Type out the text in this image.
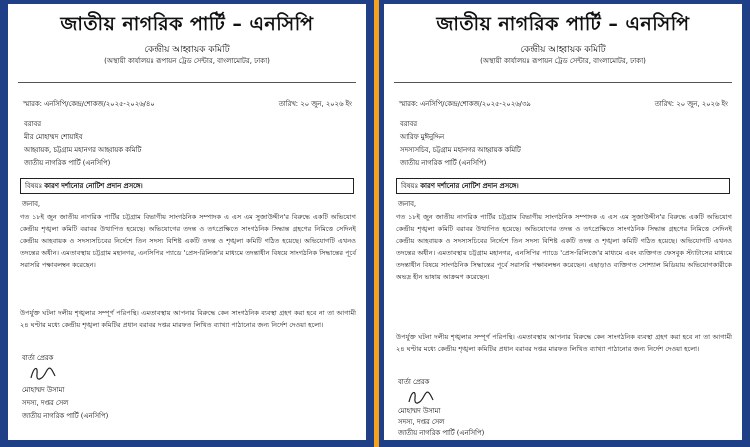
জাতীয় নাগরিক পার্টি – এনসিপি
কেন্দ্রীয় আহ্বায়ক কমিটি
(অস্থায়ী কার্যালয়ঃ রূপায়ন ট্রেড সেন্টার, বাংলামোটর, ঢাকা)
স্মারক: এনসিপি/কেন্দ্র/শোকজ/২০২৫-২০২৬/৪০	তারিখ: ২০ জুন, ২০২৬ ইং
বরাবর
মীর মোহাম্মদ শোয়াইব
আহ্বায়ক, চট্টগ্রাম মহানগর আহ্বায়ক কমিটি
জাতীয় নাগরিক পার্টি (এনসিপি)
বিষয়ঃ কারণ দর্শানোর নোটিশ প্রদান প্রসঙ্গে।
জনাব,
গত ১৮ই জুন জাতীয় নাগরিক পার্টির চট্টগ্রাম বিভাগীয় সাংগঠনিক সম্পাদক এ এস এম সুজাউদ্দীন'র বিরুদ্ধে একটি অভিযোগ কেন্দ্রীয় শৃঙ্খলা কমিটি বরাবর উত্থাপিত হয়েছে। অভিযোগের তদন্ত ও তৎপ্রেক্ষিতে সাংগঠনিক সিদ্ধান্ত গ্রহণের নিমিত্তে সেদিনই কেন্দ্রীয় আহবায়ক ও সদস্যসচিবের নির্দেশে তিন সদস্য বিশিষ্ট একটি তদন্ত ও শৃঙ্খলা কমিটি গঠিত হয়েছে। অভিযোগটি এখনও তদন্তের অধীন। এমতাবস্থায় চট্টগ্রাম মহানগর, এনসিপির প্যাডে 'প্রেস-রিলিজ'র মাধ্যমে তদন্তাধীন বিষয়ে সাংগঠনিক সিদ্ধান্তের পূর্বে সরাসরি পক্ষাবলম্বন করেছেন।
উপর্যুক্ত ঘটনা দলীয় শৃঙ্খলার সম্পূর্ণ পরিপন্থি। এমতাবস্থায় আপনার বিরুদ্ধে কেন সাংগঠনিক ব্যবস্থা গ্রহণ করা হবে না তা আগামী ২৪ ঘণ্টার মধ্যে কেন্দ্রীয় শৃঙ্খলা কমিটির প্রধান বরাবর দপ্তর মারফত লিখিত ব্যাখ্যা পাঠানোর জন্য নির্দেশ দেওয়া হলো।
বার্তা প্রেরক
মোহাম্মদ উসামা
সদস্য, দপ্তর সেল
জাতীয় নাগরিক পার্টি (এনসিপি)
জাতীয় নাগরিক পার্টি – এনসিপি
কেন্দ্রীয় আহ্বায়ক কমিটি
(অস্থায়ী কার্যালয়ঃ রূপায়ন ট্রেড সেন্টার, বাংলামোটর, ঢাকা)
স্মারক: এনসিপি/কেন্দ্র/শোকজ/২০২৫-২০২৬/৩৯	তারিখ: ২০ জুন, ২০২৬ ইং
বরাবর
আরিফ মুঈনুদ্দিন
সদস্যসচিব, চট্টগ্রাম মহানগর আহ্বায়ক কমিটি
জাতীয় নাগরিক পার্টি (এনসিপি)
বিষয়ঃ কারণ দর্শানোর নোটিশ প্রদান প্রসঙ্গে।
জনাব,
গত ১৮ই জুন জাতীয় নাগরিক পার্টির চট্টগ্রাম বিভাগীয় সাংগঠনিক সম্পাদক এ এস এম সুজাউদ্দীন'র বিরুদ্ধে একটি অভিযোগ কেন্দ্রীয় শৃঙ্খলা কমিটি বরাবর উত্থাপিত হয়েছে। অভিযোগের তদন্ত ও তৎপ্রেক্ষিতে সাংগঠনিক সিদ্ধান্ত গ্রহণের নিমিত্তে সেদিনই কেন্দ্রীয় আহবায়ক ও সদস্যসচিবের নির্দেশে তিন সদস্য বিশিষ্ট একটি তদন্ত ও শৃঙ্খলা কমিটি গঠিত হয়েছে। অভিযোগটি এখনও তদন্তের অধীন। এমতাবস্থায় চট্টগ্রাম মহানগর, এনসিপির প্যাডে 'প্রেস-রিলিজে'র মাধ্যমে এবং ব্যক্তিগত ফেসবুক স্ট্যাটাসের মাধ্যমে তদন্তাধীন বিষয়ে সাংগঠনিক সিদ্ধান্তের পূর্বে সরাসরি পক্ষাবলম্বন করেছেন। এছাড়াও ব্যক্তিগত সোশ্যাল মিডিয়ায় অভিযোগকারীকে অভদ্র হীন ভাষায় আক্রমণ করেছেন।
উপর্যুক্ত ঘটনা দলীয় শৃঙ্খলার সম্পূর্ণ পরিপন্থি। এমতাবস্থায় আপনার বিরুদ্ধে কেন সাংগঠনিক ব্যবস্থা গ্রহণ করা হবে না তা আগামী ২৪ ঘণ্টার মধ্যে কেন্দ্রীয় শৃঙ্খলা কমিটির প্রধান বরাবর দপ্তর মারফত লিখিত ব্যাখ্যা পাঠানোর জন্য নির্দেশ দেওয়া হলো।
বার্তা প্রেরক
মোহাম্মদ উসামা
সদস্য, দপ্তর সেল
জাতীয় নাগরিক পার্টি (এনসিপি)
